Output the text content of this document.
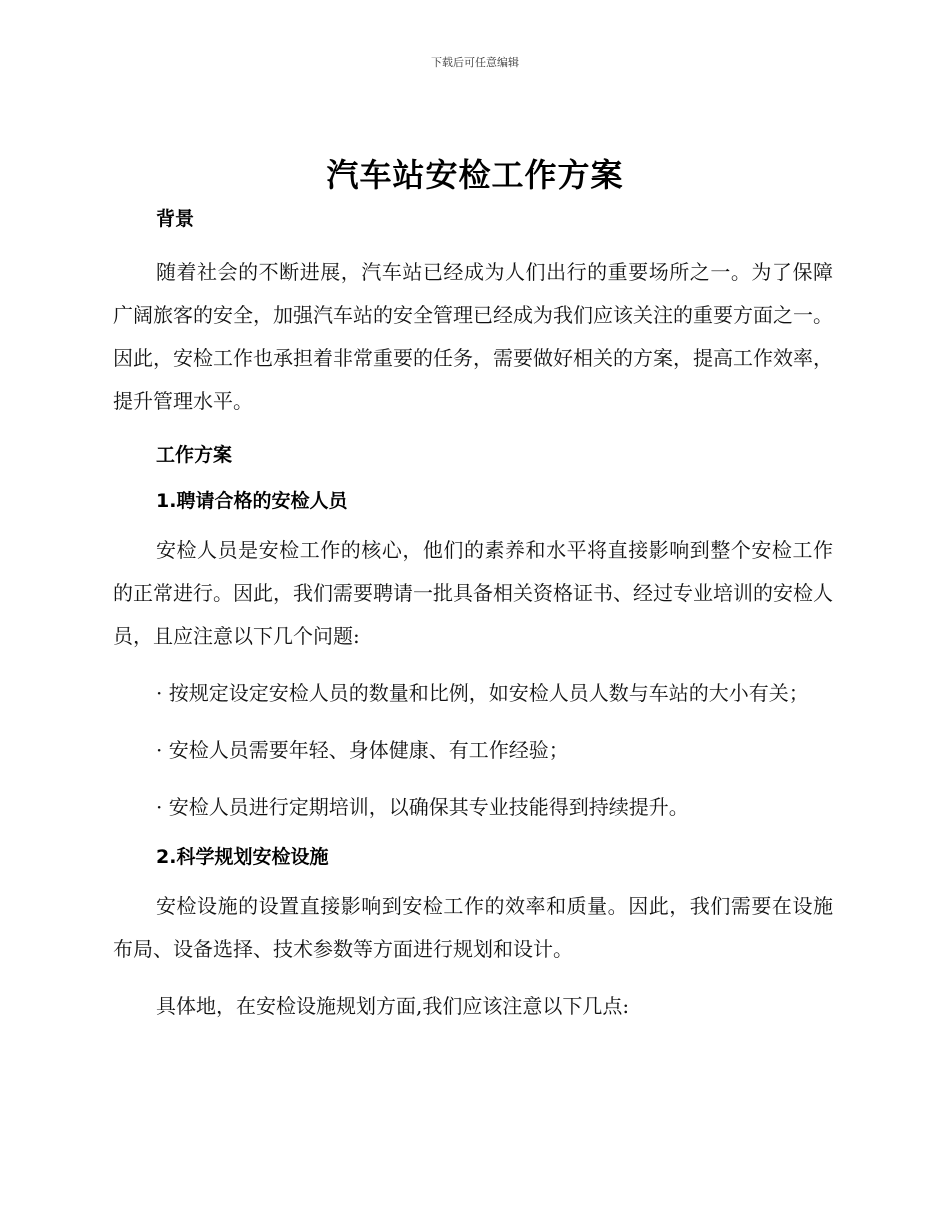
下载后可任意编辑
汽车站安检工作方案

背景

随着社会的不断进展，汽车站已经成为人们出行的重要场所之一。为了保障广阔旅客的安全，加强汽车站的安全管理已经成为我们应该关注的重要方面之一。因此，安检工作也承担着非常重要的任务，需要做好相关的方案，提高工作效率，提升管理水平。

工作方案

1.聘请合格的安检人员

安检人员是安检工作的核心，他们的素养和水平将直接影响到整个安检工作的正常进行。因此，我们需要聘请一批具备相关资格证书、经过专业培训的安检人员，且应注意以下几个问题:

· 按规定设定安检人员的数量和比例，如安检人员人数与车站的大小有关；

· 安检人员需要年轻、身体健康、有工作经验；

· 安检人员进行定期培训，以确保其专业技能得到持续提升。

2.科学规划安检设施

安检设施的设置直接影响到安检工作的效率和质量。因此，我们需要在设施布局、设备选择、技术参数等方面进行规划和设计。

具体地，在安检设施规划方面,我们应该注意以下几点:
